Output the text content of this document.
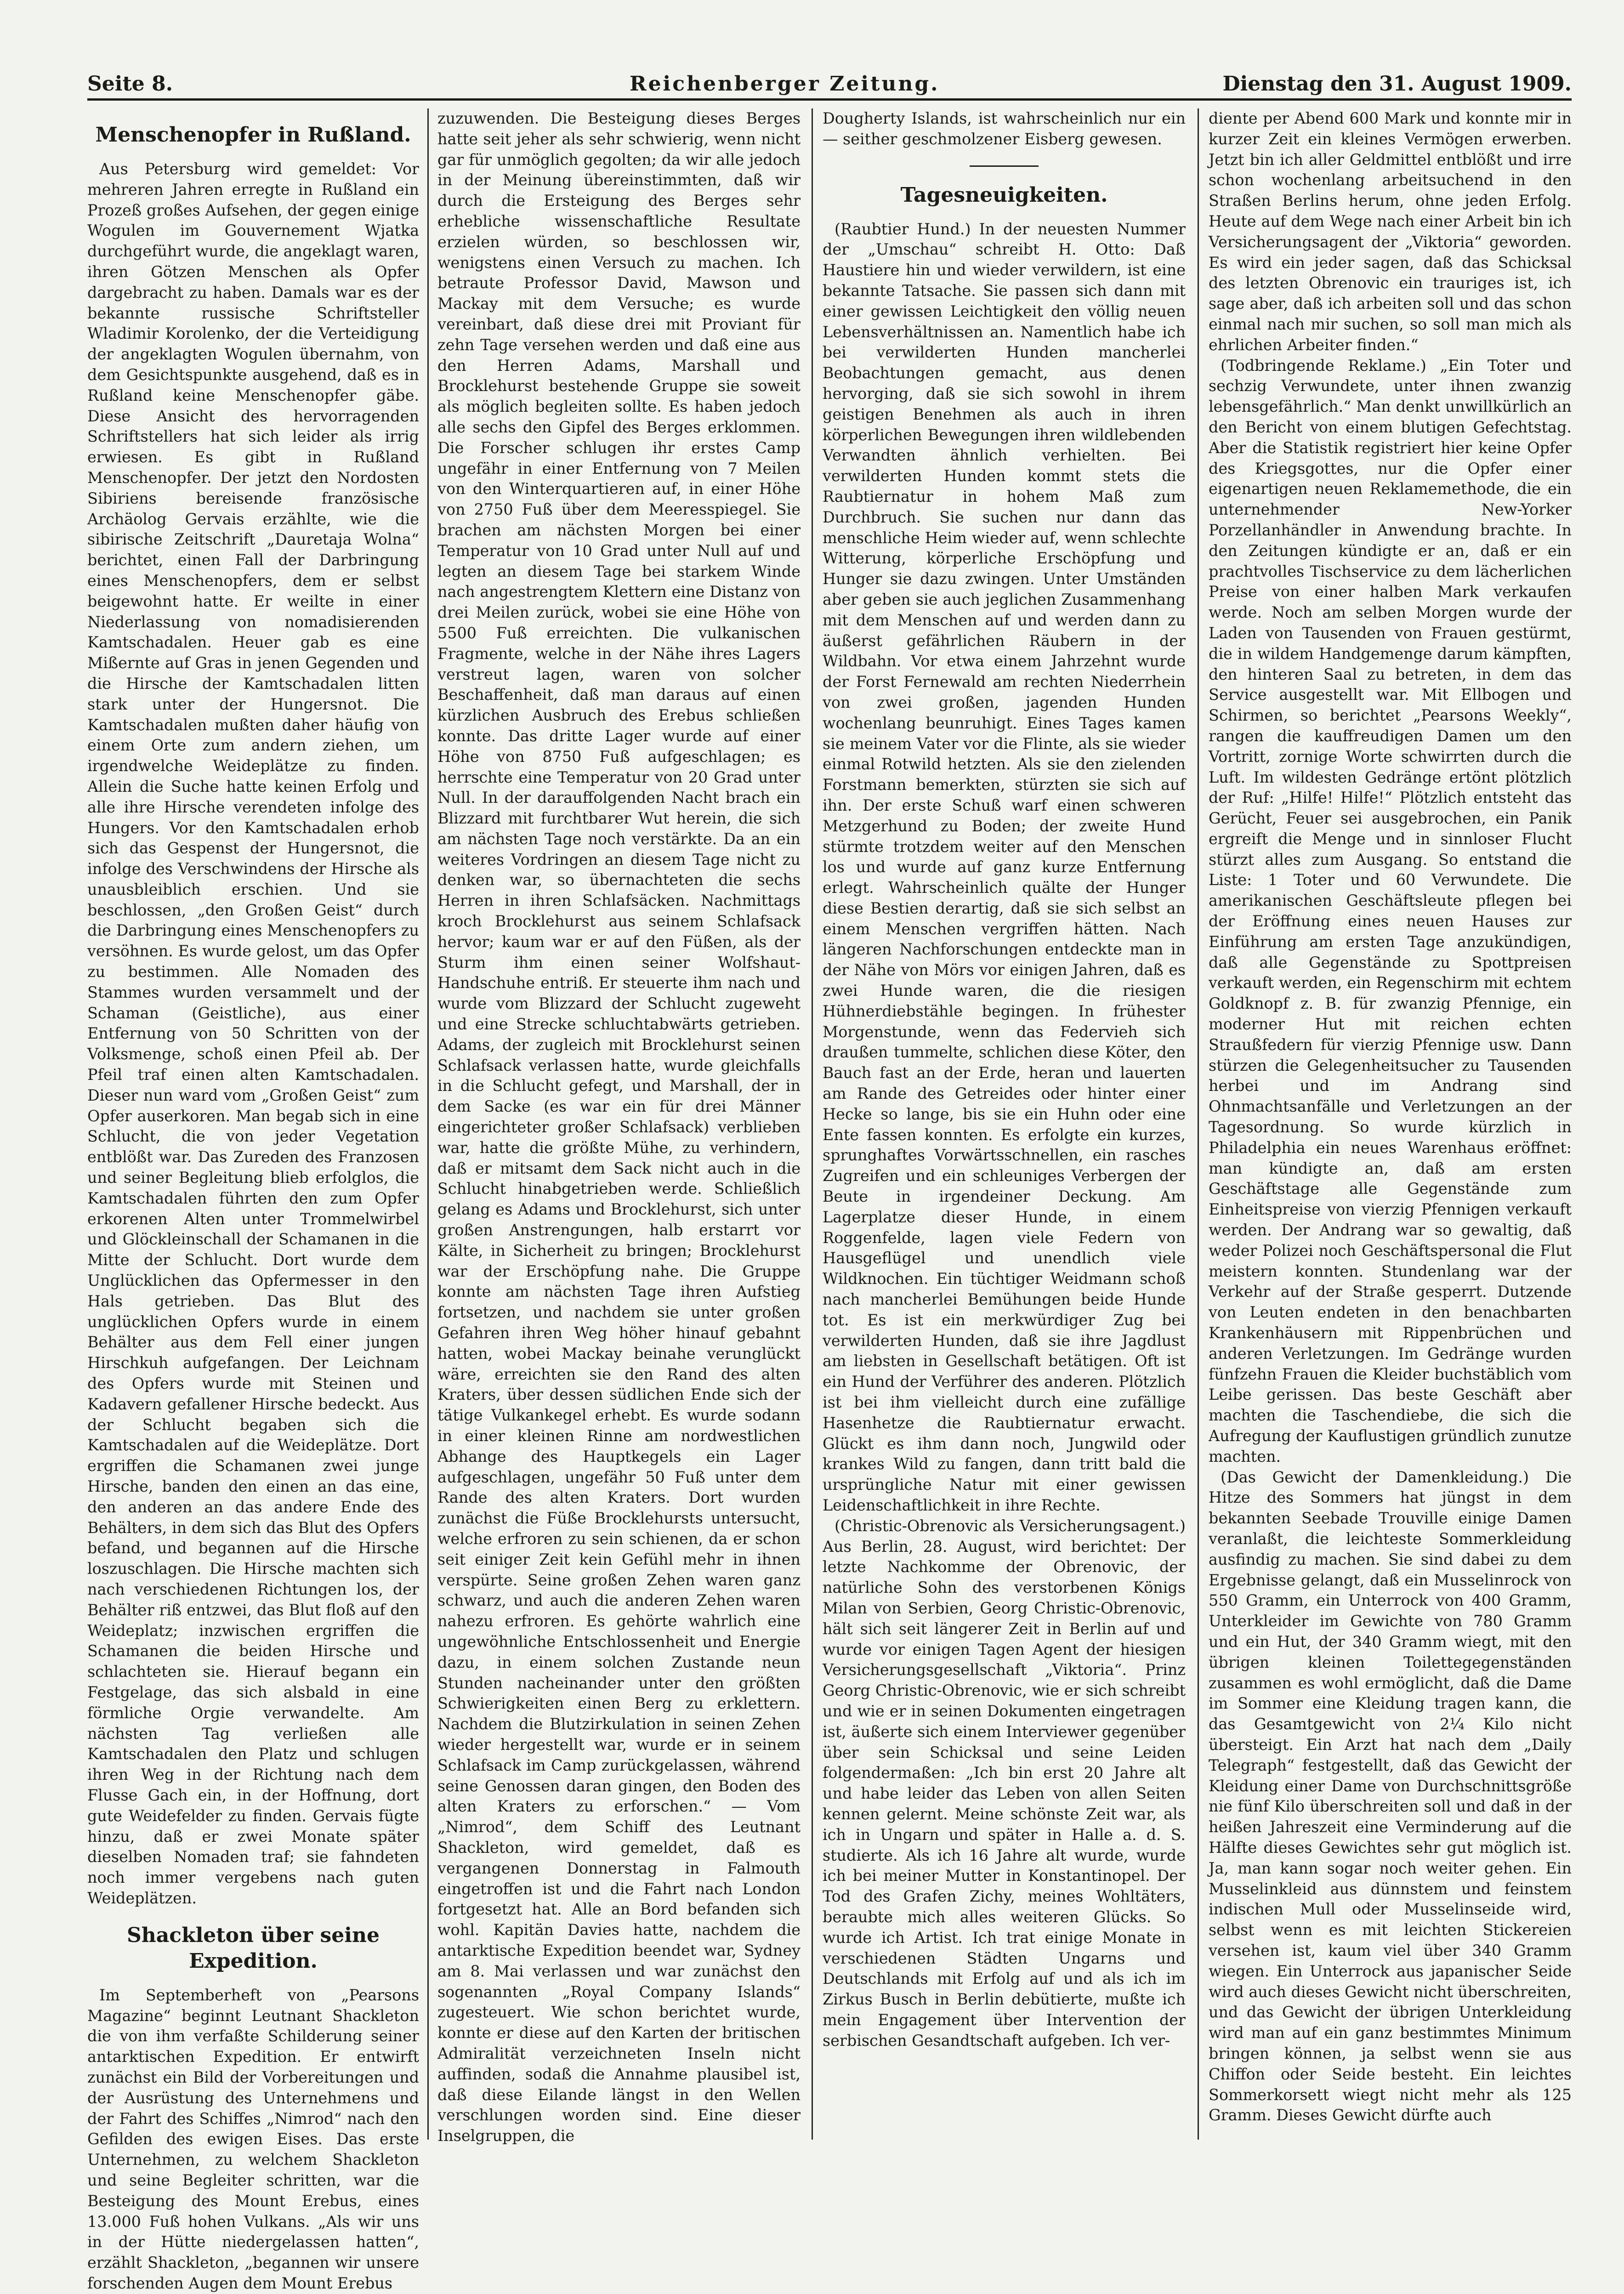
Seite 8.	Reichenberger Zeitung.	Dienstag den 31. August 1909.
Menschenopfer in Rußland.

Aus Petersburg wird gemeldet: Vor mehreren Jahren erregte in Rußland ein Prozeß großes Aufsehen, der gegen einige Wogulen im Gouvernement Wjatka durchgeführt wurde, die angeklagt waren, ihren Götzen Menschen als Opfer dargebracht zu haben. Damals war es der bekannte russische Schriftsteller Wladimir Korolenko, der die Verteidigung der angeklagten Wogulen übernahm, von dem Gesichtspunkte ausgehend, daß es in Rußland keine Menschenopfer gäbe. Diese Ansicht des hervorragenden Schriftstellers hat sich leider als irrig erwiesen. Es gibt in Rußland Menschenopfer. Der jetzt den Nordosten Sibiriens bereisende französische Archäolog Gervais erzählte, wie die sibirische Zeitschrift „Dauretaja Wolna“ berichtet, einen Fall der Darbringung eines Menschenopfers, dem er selbst beigewohnt hatte. Er weilte in einer Niederlassung von nomadisierenden Kamtschadalen. Heuer gab es eine Mißernte auf Gras in jenen Gegenden und die Hirsche der Kamtschadalen litten stark unter der Hungersnot. Die Kamtschadalen mußten daher häufig von einem Orte zum andern ziehen, um irgendwelche Weideplätze zu finden. Allein die Suche hatte keinen Erfolg und alle ihre Hirsche verendeten infolge des Hungers. Vor den Kamtschadalen erhob sich das Gespenst der Hungersnot, die infolge des Verschwindens der Hirsche als unausbleiblich erschien. Und sie beschlossen, „den Großen Geist“ durch die Darbringung eines Menschenopfers zu versöhnen. Es wurde gelost, um das Opfer zu bestimmen. Alle Nomaden des Stammes wurden versammelt und der Schaman (Geistliche), aus einer Entfernung von 50 Schritten von der Volksmenge, schoß einen Pfeil ab. Der Pfeil traf einen alten Kamtschadalen. Dieser nun ward vom „Großen Geist“ zum Opfer auserkoren. Man begab sich in eine Schlucht, die von jeder Vegetation entblößt war. Das Zureden des Franzosen und seiner Begleitung blieb erfolglos, die Kamtschadalen führten den zum Opfer erkorenen Alten unter Trommelwirbel und Glöckleinschall der Schamanen in die Mitte der Schlucht. Dort wurde dem Unglücklichen das Opfermesser in den Hals getrieben. Das Blut des unglücklichen Opfers wurde in einem Behälter aus dem Fell einer jungen Hirschkuh aufgefangen. Der Leichnam des Opfers wurde mit Steinen und Kadavern gefallener Hirsche bedeckt. Aus der Schlucht begaben sich die Kamtschadalen auf die Weideplätze. Dort ergriffen die Schamanen zwei junge Hirsche, banden den einen an das eine, den anderen an das andere Ende des Behälters, in dem sich das Blut des Opfers befand, und begannen auf die Hirsche loszuschlagen. Die Hirsche machten sich nach verschiedenen Richtungen los, der Behälter riß entzwei, das Blut floß auf den Weideplatz; inzwischen ergriffen die Schamanen die beiden Hirsche und schlachteten sie. Hierauf begann ein Festgelage, das sich alsbald in eine förmliche Orgie verwandelte. Am nächsten Tag verließen alle Kamtschadalen den Platz und schlugen ihren Weg in der Richtung nach dem Flusse Gach ein, in der Hoffnung, dort gute Weidefelder zu finden. Gervais fügte hinzu, daß er zwei Monate später dieselben Nomaden traf; sie fahndeten noch immer vergebens nach guten Weideplätzen.

Shackleton über seine Expedition.

Im Septemberheft von „Pearsons Magazine“ beginnt Leutnant Shackleton die von ihm verfaßte Schilderung seiner antarktischen Expedition. Er entwirft zunächst ein Bild der Vorbereitungen und der Ausrüstung des Unternehmens und der Fahrt des Schiffes „Nimrod“ nach den Gefilden des ewigen Eises. Das erste Unternehmen, zu welchem Shackleton und seine Begleiter schritten, war die Besteigung des Mount Erebus, eines 13.000 Fuß hohen Vulkans. „Als wir uns in der Hütte niedergelassen hatten“, erzählt Shackleton, „begannen wir unsere forschenden Augen dem Mount Erebus

zuzuwenden. Die Besteigung dieses Berges hatte seit jeher als sehr schwierig, wenn nicht gar für unmöglich gegolten; da wir alle jedoch in der Meinung übereinstimmten, daß wir durch die Ersteigung des Berges sehr erhebliche wissenschaftliche Resultate erzielen würden, so beschlossen wir, wenigstens einen Versuch zu machen. Ich betraute Professor David, Mawson und Mackay mit dem Versuche; es wurde vereinbart, daß diese drei mit Proviant für zehn Tage versehen werden und daß eine aus den Herren Adams, Marshall und Brocklehurst bestehende Gruppe sie soweit als möglich begleiten sollte. Es haben jedoch alle sechs den Gipfel des Berges erklommen. Die Forscher schlugen ihr erstes Camp ungefähr in einer Entfernung von 7 Meilen von den Winterquartieren auf, in einer Höhe von 2750 Fuß über dem Meeresspiegel. Sie brachen am nächsten Morgen bei einer Temperatur von 10 Grad unter Null auf und legten an diesem Tage bei starkem Winde nach angestrengtem Klettern eine Distanz von drei Meilen zurück, wobei sie eine Höhe von 5500 Fuß erreichten. Die vulkanischen Fragmente, welche in der Nähe ihres Lagers verstreut lagen, waren von solcher Beschaffenheit, daß man daraus auf einen kürzlichen Ausbruch des Erebus schließen konnte. Das dritte Lager wurde auf einer Höhe von 8750 Fuß aufgeschlagen; es herrschte eine Temperatur von 20 Grad unter Null. In der darauffolgenden Nacht brach ein Blizzard mit furchtbarer Wut herein, die sich am nächsten Tage noch verstärkte. Da an ein weiteres Vordringen an diesem Tage nicht zu denken war, so übernachteten die sechs Herren in ihren Schlafsäcken. Nachmittags kroch Brocklehurst aus seinem Schlafsack hervor; kaum war er auf den Füßen, als der Sturm ihm einen seiner Wolfshaut-Handschuhe entriß. Er steuerte ihm nach und wurde vom Blizzard der Schlucht zugeweht und eine Strecke schluchtabwärts getrieben. Adams, der zugleich mit Brocklehurst seinen Schlafsack verlassen hatte, wurde gleichfalls in die Schlucht gefegt, und Marshall, der in dem Sacke (es war ein für drei Männer eingerichteter großer Schlafsack) verblieben war, hatte die größte Mühe, zu verhindern, daß er mitsamt dem Sack nicht auch in die Schlucht hinabgetrieben werde. Schließlich gelang es Adams und Brocklehurst, sich unter großen Anstrengungen, halb erstarrt vor Kälte, in Sicherheit zu bringen; Brocklehurst war der Erschöpfung nahe. Die Gruppe konnte am nächsten Tage ihren Aufstieg fortsetzen, und nachdem sie unter großen Gefahren ihren Weg höher hinauf gebahnt hatten, wobei Mackay beinahe verunglückt wäre, erreichten sie den Rand des alten Kraters, über dessen südlichen Ende sich der tätige Vulkankegel erhebt. Es wurde sodann in einer kleinen Rinne am nordwestlichen Abhange des Hauptkegels ein Lager aufgeschlagen, ungefähr 50 Fuß unter dem Rande des alten Kraters. Dort wurden zunächst die Füße Brocklehursts untersucht, welche erfroren zu sein schienen, da er schon seit einiger Zeit kein Gefühl mehr in ihnen verspürte. Seine großen Zehen waren ganz schwarz, und auch die anderen Zehen waren nahezu erfroren. Es gehörte wahrlich eine ungewöhnliche Entschlossenheit und Energie dazu, in einem solchen Zustande neun Stunden nacheinander unter den größten Schwierigkeiten einen Berg zu erklettern. Nachdem die Blutzirkulation in seinen Zehen wieder hergestellt war, wurde er in seinem Schlafsack im Camp zurückgelassen, während seine Genossen daran gingen, den Boden des alten Kraters zu erforschen.“ — Vom „Nimrod“, dem Schiff des Leutnant Shackleton, wird gemeldet, daß es vergangenen Donnerstag in Falmouth eingetroffen ist und die Fahrt nach London fortgesetzt hat. Alle an Bord befanden sich wohl. Kapitän Davies hatte, nachdem die antarktische Expedition beendet war, Sydney am 8. Mai verlassen und war zunächst den sogenannten „Royal Company Islands“ zugesteuert. Wie schon berichtet wurde, konnte er diese auf den Karten der britischen Admiralität verzeichneten Inseln nicht auffinden, sodaß die Annahme plausibel ist, daß diese Eilande längst in den Wellen verschlungen worden sind. Eine dieser Inselgruppen, die

Dougherty Islands, ist wahrscheinlich nur ein — seither geschmolzener Eisberg gewesen.

Tagesneuigkeiten.

(Raubtier Hund.) In der neuesten Nummer der „Umschau“ schreibt H. Otto: Daß Haustiere hin und wieder verwildern, ist eine bekannte Tatsache. Sie passen sich dann mit einer gewissen Leichtigkeit den völlig neuen Lebensverhältnissen an. Namentlich habe ich bei verwilderten Hunden mancherlei Beobachtungen gemacht, aus denen hervorging, daß sie sich sowohl in ihrem geistigen Benehmen als auch in ihren körperlichen Bewegungen ihren wildlebenden Verwandten ähnlich verhielten. Bei verwilderten Hunden kommt stets die Raubtiernatur in hohem Maß zum Durchbruch. Sie suchen nur dann das menschliche Heim wieder auf, wenn schlechte Witterung, körperliche Erschöpfung und Hunger sie dazu zwingen. Unter Umständen aber geben sie auch jeglichen Zusammenhang mit dem Menschen auf und werden dann zu äußerst gefährlichen Räubern in der Wildbahn. Vor etwa einem Jahrzehnt wurde der Forst Fernewald am rechten Niederrhein von zwei großen, jagenden Hunden wochenlang beunruhigt. Eines Tages kamen sie meinem Vater vor die Flinte, als sie wieder einmal Rotwild hetzten. Als sie den zielenden Forstmann bemerkten, stürzten sie sich auf ihn. Der erste Schuß warf einen schweren Metzgerhund zu Boden; der zweite Hund stürmte trotzdem weiter auf den Menschen los und wurde auf ganz kurze Entfernung erlegt. Wahrscheinlich quälte der Hunger diese Bestien derartig, daß sie sich selbst an einem Menschen vergriffen hätten. Nach längeren Nachforschungen entdeckte man in der Nähe von Mörs vor einigen Jahren, daß es zwei Hunde waren, die die riesigen Hühnerdiebstähle begingen. In frühester Morgenstunde, wenn das Federvieh sich draußen tummelte, schlichen diese Köter, den Bauch fast an der Erde, heran und lauerten am Rande des Getreides oder hinter einer Hecke so lange, bis sie ein Huhn oder eine Ente fassen konnten. Es erfolgte ein kurzes, sprunghaftes Vorwärtsschnellen, ein rasches Zugreifen und ein schleuniges Verbergen der Beute in irgendeiner Deckung. Am Lagerplatze dieser Hunde, in einem Roggenfelde, lagen viele Federn von Hausgeflügel und unendlich viele Wildknochen. Ein tüchtiger Weidmann schoß nach mancherlei Bemühungen beide Hunde tot. Es ist ein merkwürdiger Zug bei verwilderten Hunden, daß sie ihre Jagdlust am liebsten in Gesellschaft betätigen. Oft ist ein Hund der Verführer des anderen. Plötzlich ist bei ihm vielleicht durch eine zufällige Hasenhetze die Raubtiernatur erwacht. Glückt es ihm dann noch, Jungwild oder krankes Wild zu fangen, dann tritt bald die ursprüngliche Natur mit einer gewissen Leidenschaftlichkeit in ihre Rechte.

(Christic-Obrenovic als Versicherungsagent.) Aus Berlin, 28. August, wird berichtet: Der letzte Nachkomme der Obrenovic, der natürliche Sohn des verstorbenen Königs Milan von Serbien, Georg Christic-Obrenovic, hält sich seit längerer Zeit in Berlin auf und wurde vor einigen Tagen Agent der hiesigen Versicherungsgesellschaft „Viktoria“. Prinz Georg Christic-Obrenovic, wie er sich schreibt und wie er in seinen Dokumenten eingetragen ist, äußerte sich einem Interviewer gegenüber über sein Schicksal und seine Leiden folgendermaßen: „Ich bin erst 20 Jahre alt und habe leider das Leben von allen Seiten kennen gelernt. Meine schönste Zeit war, als ich in Ungarn und später in Halle a. d. S. studierte. Als ich 16 Jahre alt wurde, wurde ich bei meiner Mutter in Konstantinopel. Der Tod des Grafen Zichy, meines Wohltäters, beraubte mich alles weiteren Glücks. So wurde ich Artist. Ich trat einige Monate in verschiedenen Städten Ungarns und Deutschlands mit Erfolg auf und als ich im Zirkus Busch in Berlin debütierte, mußte ich mein Engagement über Intervention der serbischen Gesandtschaft aufgeben. Ich ver-

diente per Abend 600 Mark und konnte mir in kurzer Zeit ein kleines Vermögen erwerben. Jetzt bin ich aller Geldmittel entblößt und irre schon wochenlang arbeitsuchend in den Straßen Berlins herum, ohne jeden Erfolg. Heute auf dem Wege nach einer Arbeit bin ich Versicherungsagent der „Viktoria“ geworden. Es wird ein jeder sagen, daß das Schicksal des letzten Obrenovic ein trauriges ist, ich sage aber, daß ich arbeiten soll und das schon einmal nach mir suchen, so soll man mich als ehrlichen Arbeiter finden.“

(Todbringende Reklame.) „Ein Toter und sechzig Verwundete, unter ihnen zwanzig lebensgefährlich.“ Man denkt unwillkürlich an den Bericht von einem blutigen Gefechtstag. Aber die Statistik registriert hier keine Opfer des Kriegsgottes, nur die Opfer einer eigenartigen neuen Reklamemethode, die ein unternehmender New-Yorker Porzellanhändler in Anwendung brachte. In den Zeitungen kündigte er an, daß er ein prachtvolles Tischservice zu dem lächerlichen Preise von einer halben Mark verkaufen werde. Noch am selben Morgen wurde der Laden von Tausenden von Frauen gestürmt, die in wildem Handgemenge darum kämpften, den hinteren Saal zu betreten, in dem das Service ausgestellt war. Mit Ellbogen und Schirmen, so berichtet „Pearsons Weekly“, rangen die kauffreudigen Damen um den Vortritt, zornige Worte schwirrten durch die Luft. Im wildesten Gedränge ertönt plötzlich der Ruf: „Hilfe! Hilfe!“ Plötzlich entsteht das Gerücht, Feuer sei ausgebrochen, ein Panik ergreift die Menge und in sinnloser Flucht stürzt alles zum Ausgang. So entstand die Liste: 1 Toter und 60 Verwundete. Die amerikanischen Geschäftsleute pflegen bei der Eröffnung eines neuen Hauses zur Einführung am ersten Tage anzukündigen, daß alle Gegenstände zu Spottpreisen verkauft werden, ein Regenschirm mit echtem Goldknopf z. B. für zwanzig Pfennige, ein moderner Hut mit reichen echten Straußfedern für vierzig Pfennige usw. Dann stürzen die Gelegenheitsucher zu Tausenden herbei und im Andrang sind Ohnmachtsanfälle und Verletzungen an der Tagesordnung. So wurde kürzlich in Philadelphia ein neues Warenhaus eröffnet: man kündigte an, daß am ersten Geschäftstage alle Gegenstände zum Einheitspreise von vierzig Pfennigen verkauft werden. Der Andrang war so gewaltig, daß weder Polizei noch Geschäftspersonal die Flut meistern konnten. Stundenlang war der Verkehr auf der Straße gesperrt. Dutzende von Leuten endeten in den benachbarten Krankenhäusern mit Rippenbrüchen und anderen Verletzungen. Im Gedränge wurden fünfzehn Frauen die Kleider buchstäblich vom Leibe gerissen. Das beste Geschäft aber machten die Taschendiebe, die sich die Aufregung der Kauflustigen gründlich zunutze machten.

(Das Gewicht der Damenkleidung.) Die Hitze des Sommers hat jüngst in dem bekannten Seebade Trouville einige Damen veranlaßt, die leichteste Sommerkleidung ausfindig zu machen. Sie sind dabei zu dem Ergebnisse gelangt, daß ein Musselinrock von 550 Gramm, ein Unterrock von 400 Gramm, Unterkleider im Gewichte von 780 Gramm und ein Hut, der 340 Gramm wiegt, mit den übrigen kleinen Toilettegegenständen zusammen es wohl ermöglicht, daß die Dame im Sommer eine Kleidung tragen kann, die das Gesamtgewicht von 2¼ Kilo nicht übersteigt. Ein Arzt hat nach dem „Daily Telegraph“ festgestellt, daß das Gewicht der Kleidung einer Dame von Durchschnittsgröße nie fünf Kilo überschreiten soll und daß in der heißen Jahreszeit eine Verminderung auf die Hälfte dieses Gewichtes sehr gut möglich ist. Ja, man kann sogar noch weiter gehen. Ein Musselinkleid aus dünnstem und feinstem indischen Mull oder Musselinseide wird, selbst wenn es mit leichten Stickereien versehen ist, kaum viel über 340 Gramm wiegen. Ein Unterrock aus japanischer Seide wird auch dieses Gewicht nicht überschreiten, und das Gewicht der übrigen Unterkleidung wird man auf ein ganz bestimmtes Minimum bringen können, ja selbst wenn sie aus Chiffon oder Seide besteht. Ein leichtes Sommerkorsett wiegt nicht mehr als 125 Gramm. Dieses Gewicht dürfte auch
